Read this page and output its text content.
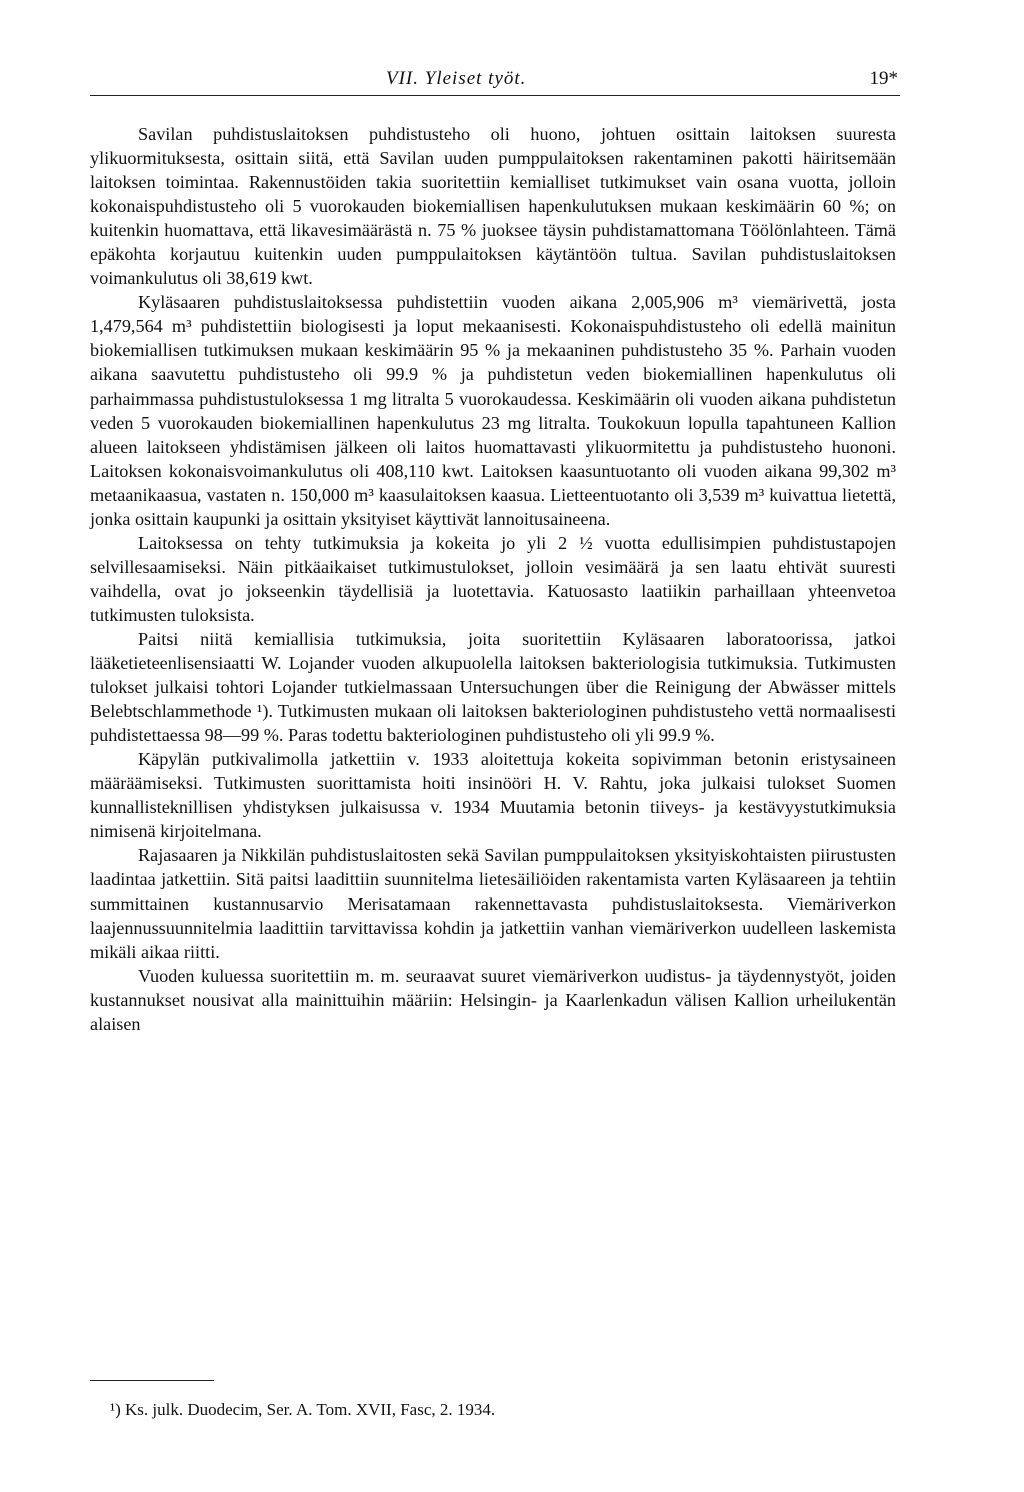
VII. Yleiset työt.	19*

Savilan puhdistuslaitoksen puhdistusteho oli huono, johtuen osittain laitoksen suuresta ylikuormituksesta, osittain siitä, että Savilan uuden pumppulaitoksen rakentaminen pakotti häiritsemään laitoksen toimintaa. Rakennustöiden takia suoritettiin kemialliset tutkimukset vain osana vuotta, jolloin kokonaispuhdistusteho oli 5 vuorokauden biokemiallisen hapenkulutuksen mukaan keskimäärin 60 %; on kuitenkin huomattava, että likavesimäärästä n. 75 % juoksee täysin puhdistamattomana Töölönlahteen. Tämä epäkohta korjautuu kuitenkin uuden pumppulaitoksen käytäntöön tultua. Savilan puhdistuslaitoksen voimankulutus oli 38,619 kwt.

Kyläsaaren puhdistuslaitoksessa puhdistettiin vuoden aikana 2,005,906 m³ viemärivettä, josta 1,479,564 m³ puhdistettiin biologisesti ja loput mekaanisesti. Kokonaispuhdistusteho oli edellä mainitun biokemiallisen tutkimuksen mukaan keskimäärin 95 % ja mekaaninen puhdistusteho 35 %. Parhain vuoden aikana saavutettu puhdistusteho oli 99.9 % ja puhdistetun veden biokemiallinen hapenkulutus oli parhaimmassa puhdistustuloksessa 1 mg litralta 5 vuorokaudessa. Keskimäärin oli vuoden aikana puhdistetun veden 5 vuorokauden biokemiallinen hapenkulutus 23 mg litralta. Toukokuun lopulla tapahtuneen Kallion alueen laitokseen yhdistämisen jälkeen oli laitos huomattavasti ylikuormitettu ja puhdistusteho huononi. Laitoksen kokonaisvoimankulutus oli 408,110 kwt. Laitoksen kaasuntuotanto oli vuoden aikana 99,302 m³ metaanikaasua, vastaten n. 150,000 m³ kaasulaitoksen kaasua. Lietteentuotanto oli 3,539 m³ kuivattua lietettä, jonka osittain kaupunki ja osittain yksityiset käyttivät lannoitusaineena.

Laitoksessa on tehty tutkimuksia ja kokeita jo yli 2 ½ vuotta edullisimpien puhdistustapojen selvillesaamiseksi. Näin pitkäaikaiset tutkimustulokset, jolloin vesimäärä ja sen laatu ehtivät suuresti vaihdella, ovat jo jokseenkin täydellisiä ja luotettavia. Katuosasto laatiikin parhaillaan yhteenvetoa tutkimusten tuloksista.

Paitsi niitä kemiallisia tutkimuksia, joita suoritettiin Kyläsaaren laboratoorissa, jatkoi lääketieteenlisensiaatti W. Lojander vuoden alkupuolella laitoksen bakteriologisia tutkimuksia. Tutkimusten tulokset julkaisi tohtori Lojander tutkielmassaan Untersuchungen über die Reinigung der Abwässer mittels Belebtschlammethode ¹). Tutkimusten mukaan oli laitoksen bakteriologinen puhdistusteho vettä normaalisesti puhdistettaessa 98—99 %. Paras todettu bakteriologinen puhdistusteho oli yli 99.9 %.

Käpylän putkivalimolla jatkettiin v. 1933 aloitettuja kokeita sopivimman betonin eristysaineen määräämiseksi. Tutkimusten suorittamista hoiti insinööri H. V. Rahtu, joka julkaisi tulokset Suomen kunnallisteknillisen yhdistyksen julkaisussa v. 1934 Muutamia betonin tiiveys- ja kestävyystutkimuksia nimisenä kirjoitelmana.

Rajasaaren ja Nikkilän puhdistuslaitosten sekä Savilan pumppulaitoksen yksityiskohtaisten piirustusten laadintaa jatkettiin. Sitä paitsi laadittiin suunnitelma lietesäiliöiden rakentamista varten Kyläsaareen ja tehtiin summittainen kustannusarvio Merisatamaan rakennettavasta puhdistuslaitoksesta. Viemäriverkon laajennussuunnitelmia laadittiin tarvittavissa kohdin ja jatkettiin vanhan viemäriverkon uudelleen laskemista mikäli aikaa riitti.

Vuoden kuluessa suoritettiin m. m. seuraavat suuret viemäriverkon uudistus- ja täydennystyöt, joiden kustannukset nousivat alla mainittuihin määriin: Helsingin- ja Kaarlenkadun välisen Kallion urheilukentän alaisen

¹) Ks. julk. Duodecim, Ser. A. Tom. XVII, Fasc, 2. 1934.
